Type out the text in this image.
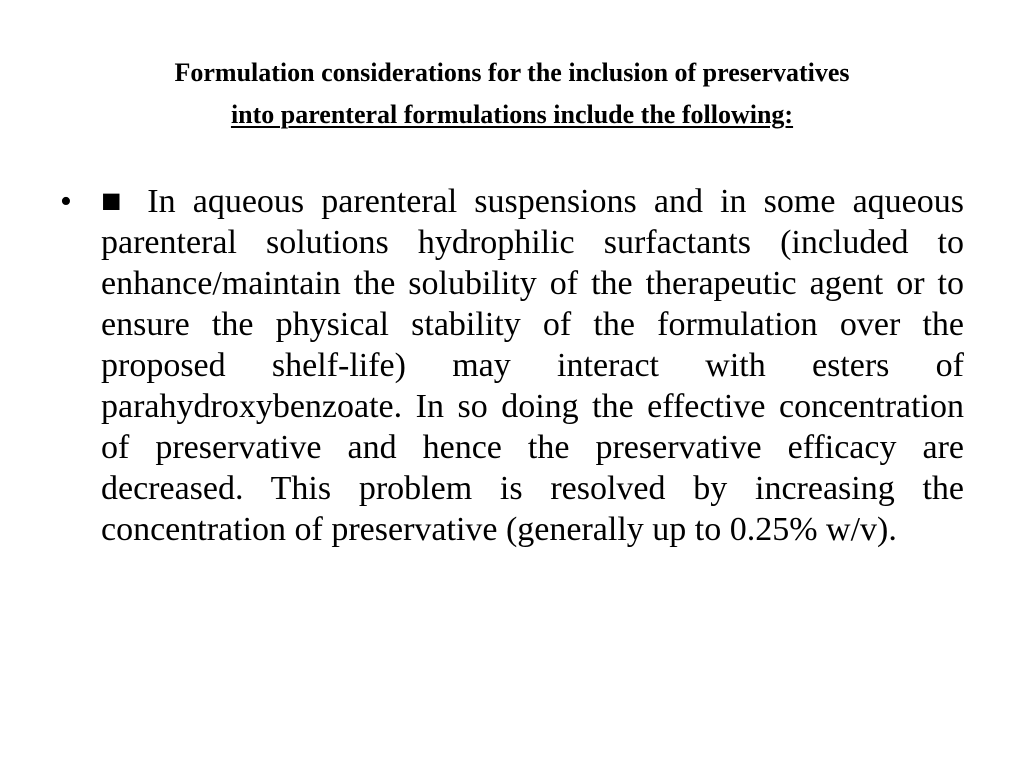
Formulation considerations for the inclusion of preservatives
into parenteral formulations include the following:
• ■ In aqueous parenteral suspensions and in some aqueous parenteral solutions hydrophilic surfactants (included to enhance/maintain the solubility of the therapeutic agent or to ensure the physical stability of the formulation over the proposed shelf-life) may interact with esters of parahydroxybenzoate. In so doing the effective concentration of preservative and hence the preservative efficacy are decreased. This problem is resolved by increasing the concentration of preservative (generally up to 0.25% w/v).
